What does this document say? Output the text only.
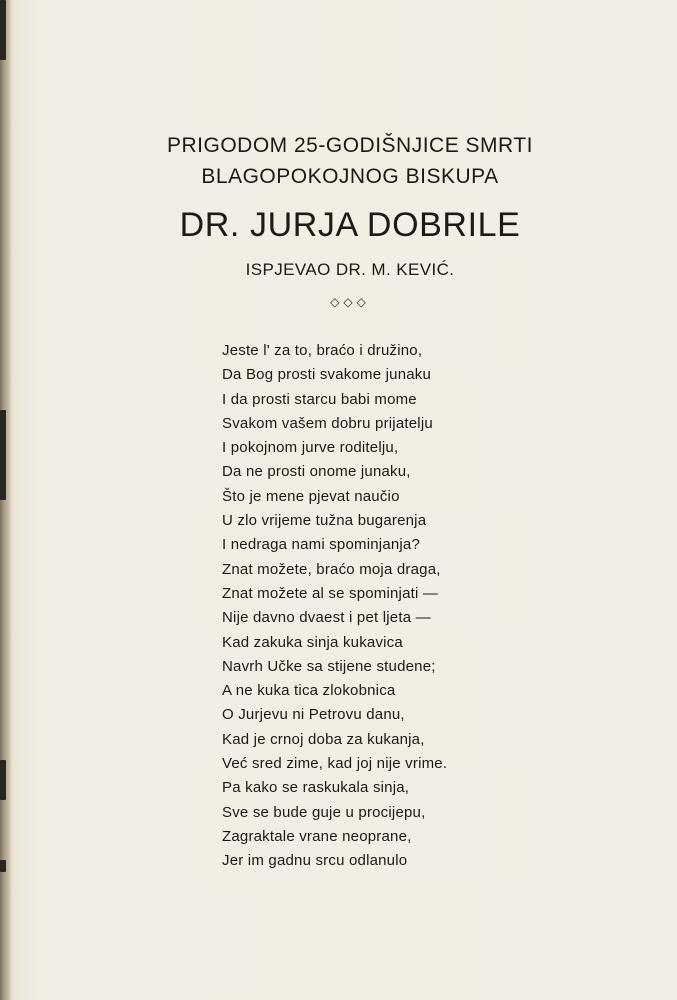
PRIGODOM 25-GODIŠNJICE SMRTI
BLAGOPOKOJNOG BISKUPA
DR. JURJA DOBRILE
ISPJEVAO DR. M. KEVIĆ.
◇◇◇
Jeste l' za to, braćo i družino,
Da Bog prosti svakome junaku
I da prosti starcu babi mome
Svakom vašem dobru prijatelju
I pokojnom jurve roditelju,
Da ne prosti onome junaku,
Što je mene pjevat naučio
U zlo vrijeme tužna bugarenja
I nedraga nami spominjanja?
Znat možete, braćo moja draga,
Znat možete al se spominjati —
Nije davno dvaest i pet ljeta —
Kad zakuka sinja kukavica
Navrh Učke sa stijene studene;
A ne kuka tica zlokobnica
O Jurjevu ni Petrovu danu,
Kad je crnoj doba za kukanja,
Već sred zime, kad joj nije vrime.
Pa kako se raskukala sinja,
Sve se bude guje u procijepu,
Zagraktale vrane neoprane,
Jer im gadnu srcu odlanulo
